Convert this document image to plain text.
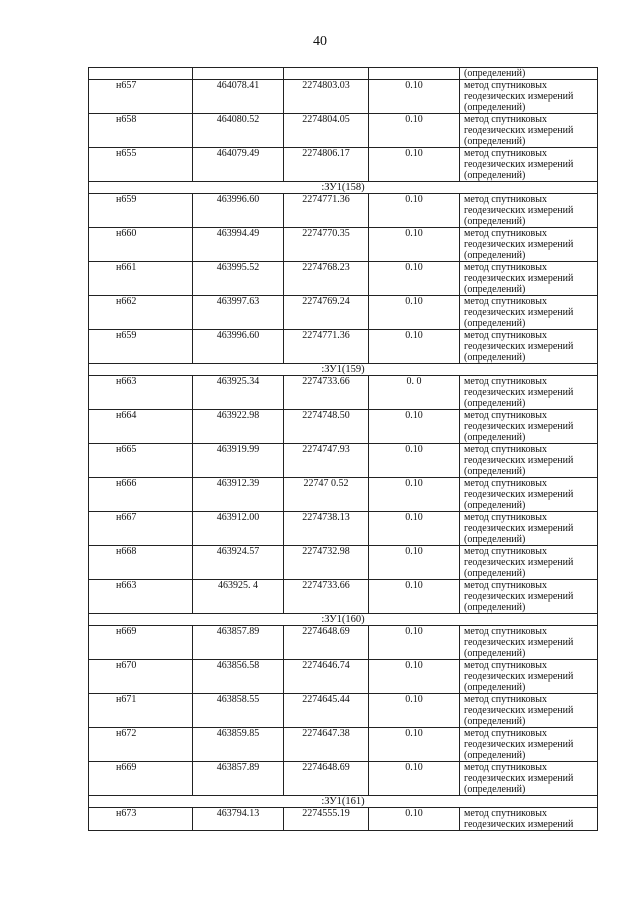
40
				(определений)
н657	464078.41	2274803.03	0.10	метод спутниковых
геодезических измерений
(определений)

н658	464080.52	2274804.05	0.10	метод спутниковых
геодезических измерений
(определений)

н655	464079.49	2274806.17	0.10	метод спутниковых
геодезических измерений
(определений)

:ЗУ1(158)				
н659	463996.60	2274771.36	0.10	метод спутниковых
геодезических измерений
(определений)

н660	463994.49	2274770.35	0.10	метод спутниковых
геодезических измерений
(определений)

н661	463995.52	2274768.23	0.10	метод спутниковых
геодезических измерений
(определений)

н662	463997.63	2274769.24	0.10	метод спутниковых
геодезических измерений
(определений)

н659	463996.60	2274771.36	0.10	метод спутниковых
геодезических измерений
(определений)

:ЗУ1(159)				
н663	463925.34	2274733.66	0. 0	метод спутниковых
геодезических измерений
(определений)

н664	463922.98	2274748.50	0.10	метод спутниковых
геодезических измерений
(определений)

н665	463919.99	2274747.93	0.10	метод спутниковых
геодезических измерений
(определений)

н666	463912.39	22747 0.52	0.10	метод спутниковых
геодезических измерений
(определений)

н667	463912.00	2274738.13	0.10	метод спутниковых
геодезических измерений
(определений)

н668	463924.57	2274732.98	0.10	метод спутниковых
геодезических измерений
(определений)

н663	463925. 4	2274733.66	0.10	метод спутниковых
геодезических измерений
(определений)

:ЗУ1(160)				
н669	463857.89	2274648.69	0.10	метод спутниковых
геодезических измерений
(определений)

н670	463856.58	2274646.74	0.10	метод спутниковых
геодезических измерений
(определений)

н671	463858.55	2274645.44	0.10	метод спутниковых
геодезических измерений
(определений)

н672	463859.85	2274647.38	0.10	метод спутниковых
геодезических измерений
(определений)

н669	463857.89	2274648.69	0.10	метод спутниковых
геодезических измерений
(определений)

:ЗУ1(161)				
н673	463794.13	2274555.19	0.10	метод спутниковых
геодезических измерений
